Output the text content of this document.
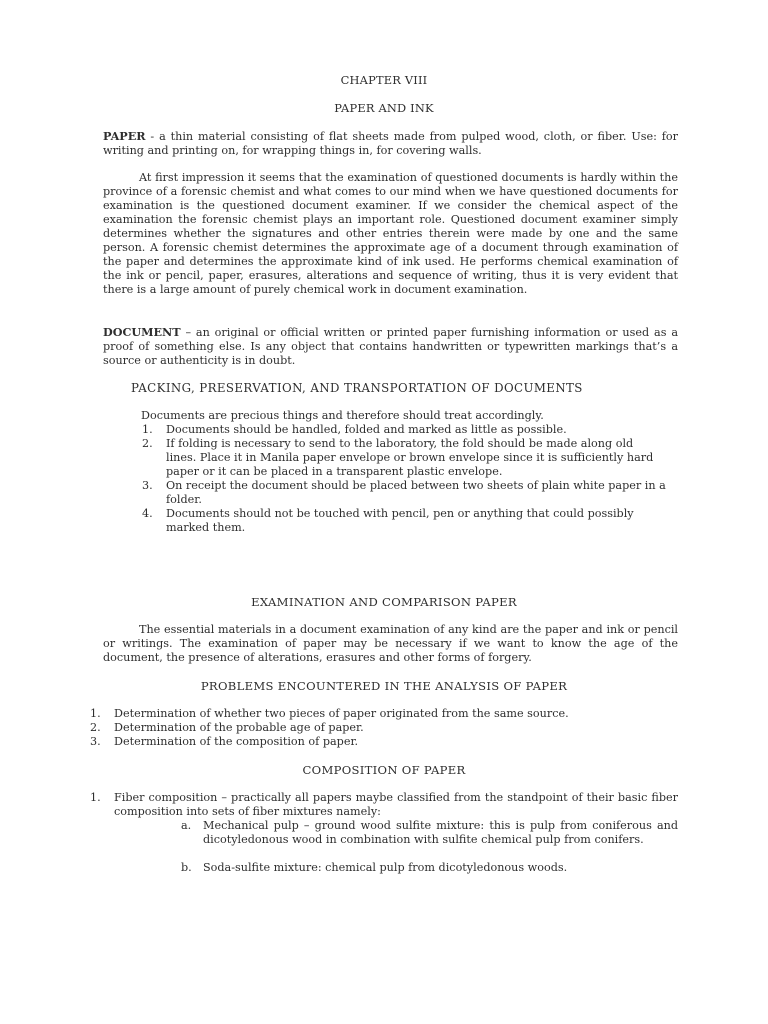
CHAPTER VIII
PAPER AND INK

PAPER - a thin material consisting of flat sheets made from pulped wood, cloth, or fiber. Use: for writing and printing on, for wrapping things in, for covering walls.

At first impression it seems that the examination of questioned documents is hardly within the province of a forensic chemist and what comes to our mind when we have questioned documents for examination is the questioned document examiner. If we consider the chemical aspect of the examination the forensic chemist plays an important role. Questioned document examiner simply determines whether the signatures and other entries therein were made by one and the same person. A forensic chemist determines the approximate age of a document through examination of the paper and determines the approximate kind of ink used. He performs chemical examination of the ink or pencil, paper, erasures, alterations and sequence of writing, thus it is very evident that there is a large amount of purely chemical work in document examination.

DOCUMENT – an original or official written or printed paper furnishing information or used as a proof of something else. Is any object that contains handwritten or typewritten markings that’s a source or authenticity is in doubt.

PACKING, PRESERVATION, AND TRANSPORTATION OF DOCUMENTS
Documents are precious things and therefore should treat accordingly.
1. Documents should be handled, folded and marked as little as possible.
2. If folding is necessary to send to the laboratory, the fold should be made along old lines. Place it in Manila paper envelope or brown envelope since it is sufficiently hard paper or it can be placed in a transparent plastic envelope.
3. On receipt the document should be placed between two sheets of plain white paper in a folder.
4. Documents should not be touched with pencil, pen or anything that could possibly marked them.
EXAMINATION AND COMPARISON PAPER

The essential materials in a document examination of any kind are the paper and ink or pencil or writings. The examination of paper may be necessary if we want to know the age of the document, the presence of alterations, erasures and other forms of forgery.

PROBLEMS ENCOUNTERED IN THE ANALYSIS OF PAPER
1. Determination of whether two pieces of paper originated from the same source.
2. Determination of the probable age of paper.
3. Determination of the composition of paper.
COMPOSITION OF PAPER
1. Fiber composition – practically all papers maybe classified from the standpoint of their basic fiber composition into sets of fiber mixtures namely:

a. Mechanical pulp – ground wood sulfite mixture: this is pulp from coniferous and dicotyledonous wood in combination with sulfite chemical pulp from conifers.

b. Soda-sulfite mixture: chemical pulp from dicotyledonous woods.
